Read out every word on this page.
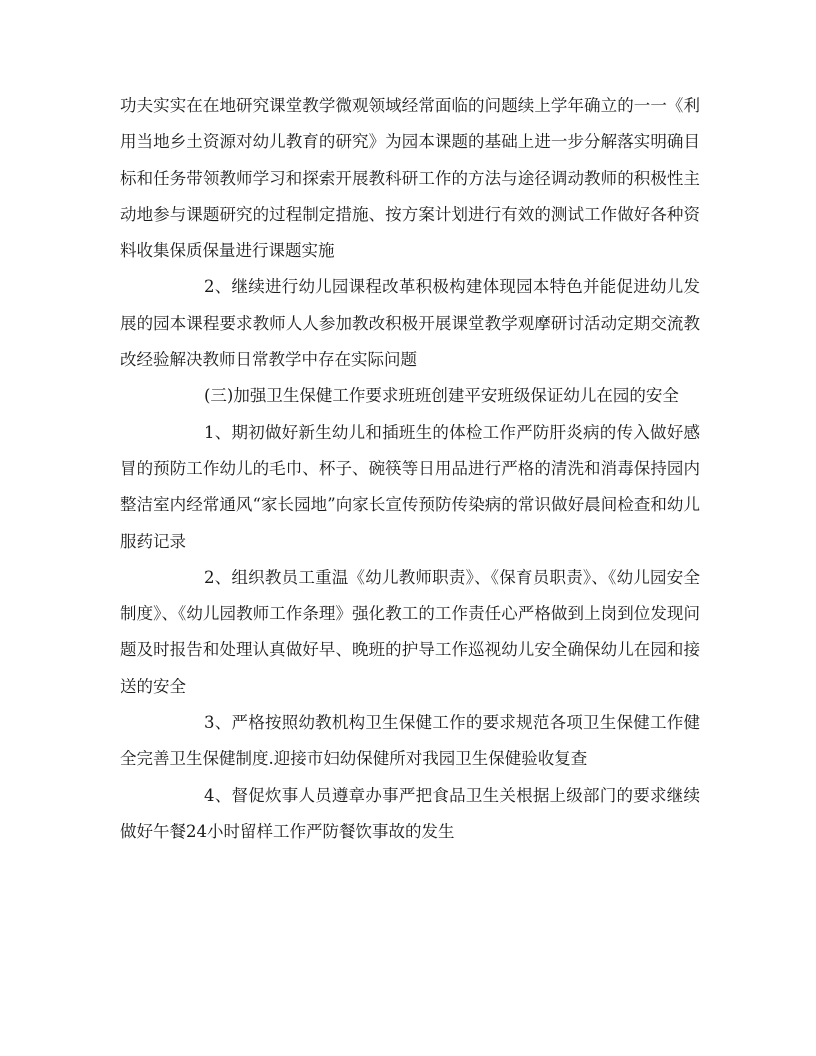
功夫实实在在地研究课堂教学微观领域经常面临的问题续上学年确立的一一《利用当地乡土资源对幼儿教育的研究》为园本课题的基础上进一步分解落实明确目标和任务带领教师学习和探索开展教科研工作的方法与途径调动教师的积极性主动地参与课题研究的过程制定措施、按方案计划进行有效的测试工作做好各种资料收集保质保量进行课题实施

2、继续进行幼儿园课程改革积极构建体现园本特色并能促进幼儿发展的园本课程要求教师人人参加教改积极开展课堂教学观摩研讨活动定期交流教改经验解决教师日常教学中存在实际问题

(三)加强卫生保健工作要求班班创建平安班级保证幼儿在园的安全

1、期初做好新生幼儿和插班生的体检工作严防肝炎病的传入做好感冒的预防工作幼儿的毛巾、杯子、碗筷等日用品进行严格的清洗和消毒保持园内整洁室内经常通风“家长园地”向家长宣传预防传染病的常识做好晨间检查和幼儿服药记录

2、组织教员工重温《幼儿教师职责》、《保育员职责》、《幼儿园安全制度》、《幼儿园教师工作条理》强化教工的工作责任心严格做到上岗到位发现问题及时报告和处理认真做好早、晚班的护导工作巡视幼儿安全确保幼儿在园和接送的安全

3、严格按照幼教机构卫生保健工作的要求规范各项卫生保健工作健全完善卫生保健制度.迎接市妇幼保健所对我园卫生保健验收复查

4、督促炊事人员遵章办事严把食品卫生关根据上级部门的要求继续做好午餐24小时留样工作严防餐饮事故的发生
